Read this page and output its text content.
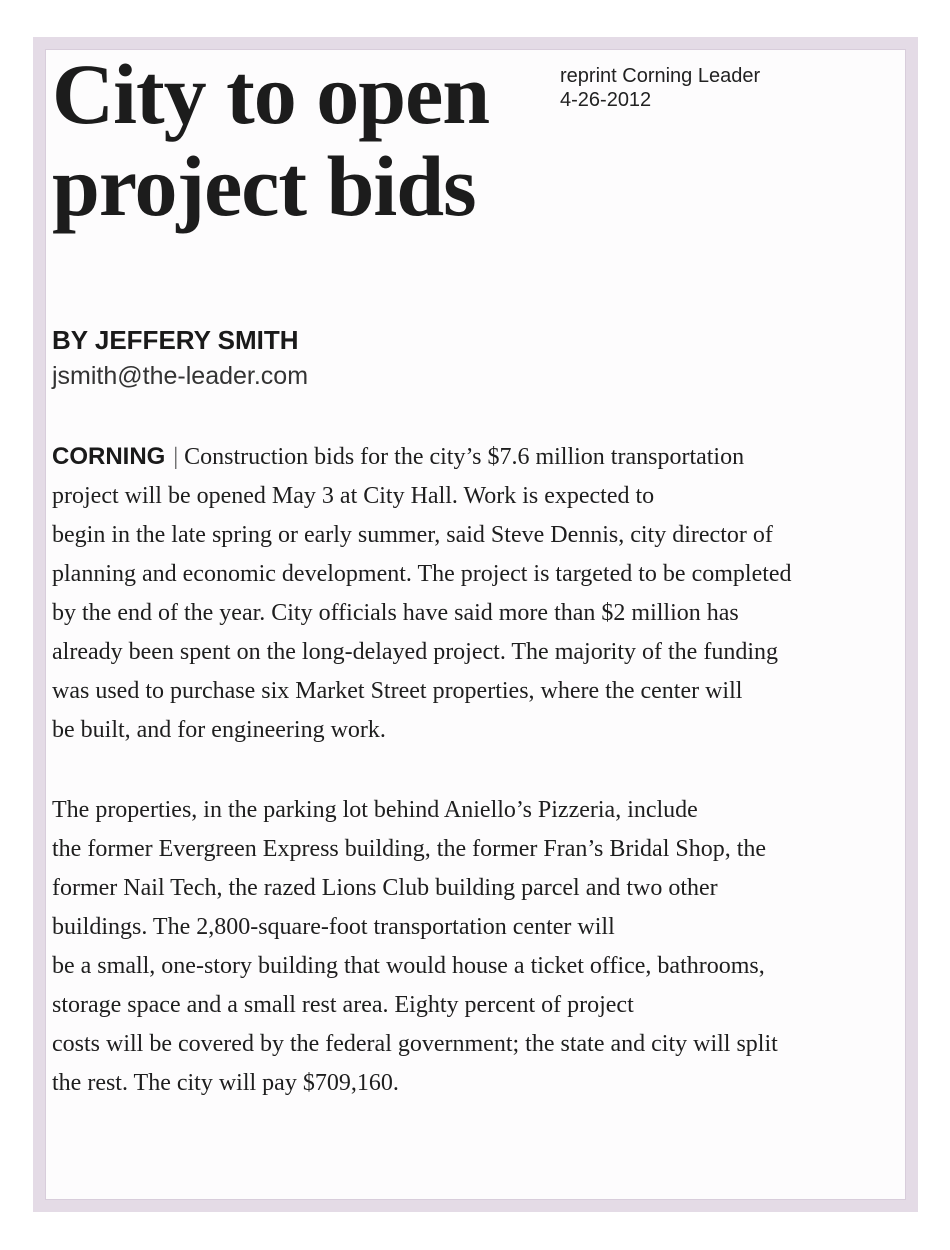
City to open
project bids
reprint Corning Leader
4-26-2012
BY JEFFERY SMITH
jsmith@the-leader.com
CORNING | Construction bids for the city’s $7.6 million transportation
project will be opened May 3 at City Hall. Work is expected to
begin in the late spring or early summer, said Steve Dennis, city director of
planning and economic development. The project is targeted to be completed
by the end of the year. City officials have said more than $2 million has
already been spent on the long-delayed project. The majority of the funding
was used to purchase six Market Street properties, where the center will
be built, and for engineering work.
The properties, in the parking lot behind Aniello’s Pizzeria, include
the former Evergreen Express building, the former Fran’s Bridal Shop, the
former Nail Tech, the razed Lions Club building parcel and two other
buildings. The 2,800-square-foot transportation center will
be a small, one-story building that would house a ticket office, bathrooms,
storage space and a small rest area. Eighty percent of project
costs will be covered by the federal government; the state and city will split
the rest. The city will pay $709,160.
